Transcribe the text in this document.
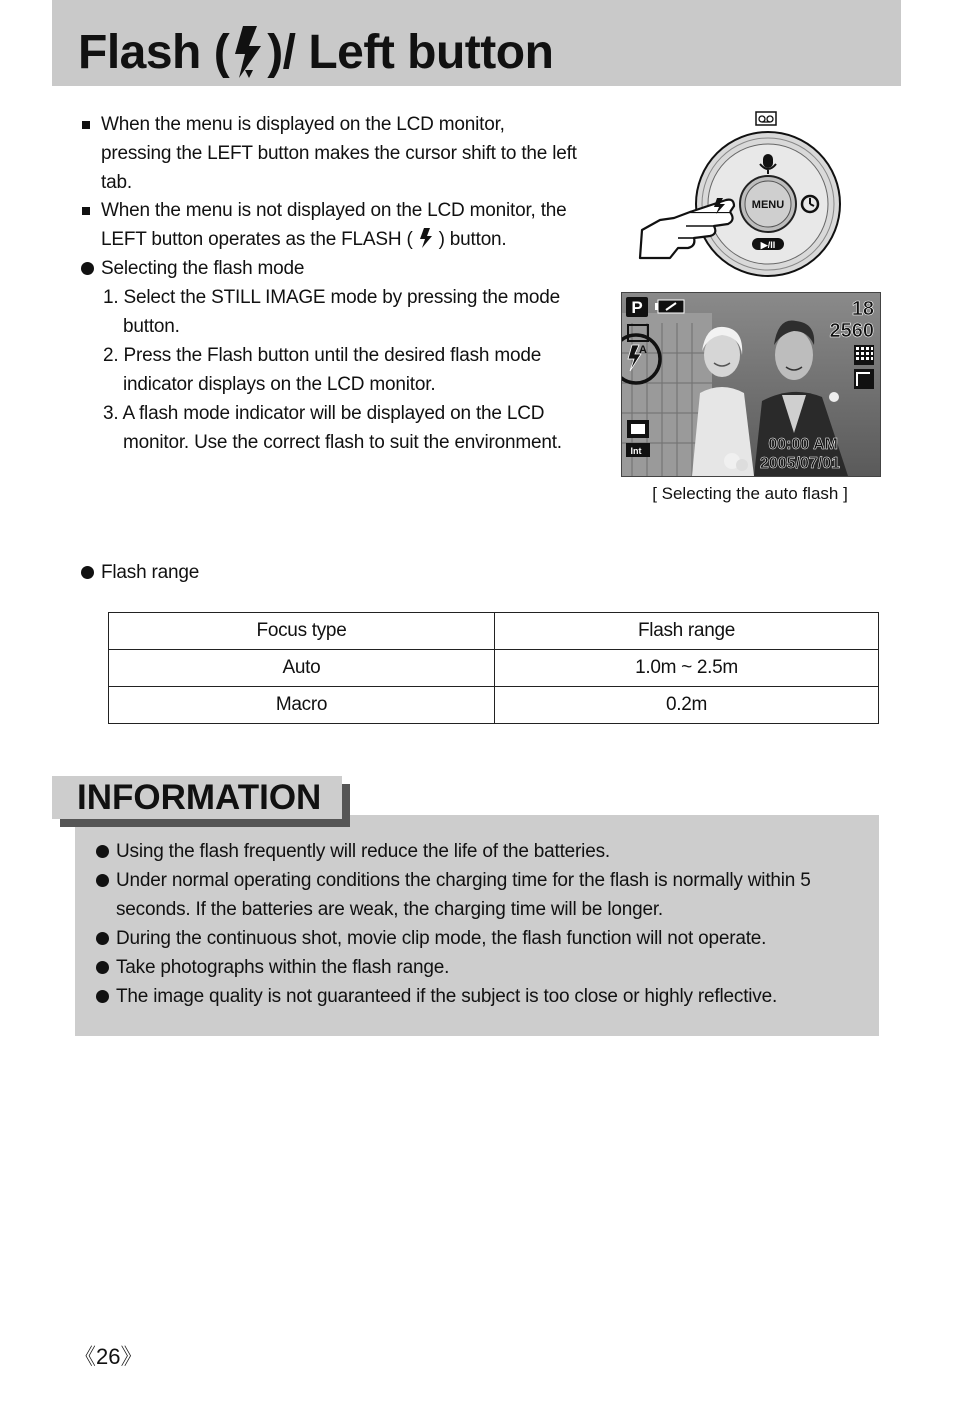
Flash ( )/ Left button
When the menu is displayed on the LCD monitor,
pressing the LEFT button makes the cursor shift to the left
tab.
When the menu is not displayed on the LCD monitor, the
LEFT button operates as the FLASH ( ) button.
Selecting the flash mode
1. Select the STILL IMAGE mode by pressing the mode
button.
2. Press the Flash button until the desired flash mode
indicator displays on the LCD monitor.
3. A flash mode indicator will be displayed on the LCD
monitor. Use the correct flash to suit the environment.
MENU
▶/II
P	18
2560
A
Int	00:00 AM
2005/07/01
[ Selecting the auto flash ]
Flash range
Focus type	Flash range
Auto	1.0m ~ 2.5m
Macro	0.2m
INFORMATION
Using the flash frequently will reduce the life of the batteries.
Under normal operating conditions the charging time for the flash is normally within 5
seconds. If the batteries are weak, the charging time will be longer.
During the continuous shot, movie clip mode, the flash function will not operate.
Take photographs within the flash range.
The image quality is not guaranteed if the subject is too close or highly reflective.
《26》
